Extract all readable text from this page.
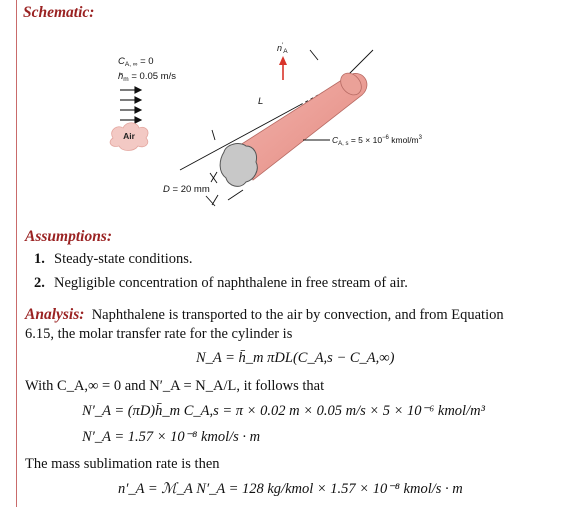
Schematic:
$C_{A, \infty} = 0$
$h̄_m = 0.05$ m/s
Air
L
$n'_A$
$C_{A, s} = 5 \times 10^{-6}$ kmol/$m^3$
D = 20 mm
Assumptions:
1. Steady-state conditions.
2. Negligible concentration of naphthalene in free stream of air.
Analysis: Naphthalene is transported to the air by convection, and from Equation
6.15, the molar transfer rate for the cylinder is
N_A = h̄_m πDL(C_A,s − C_A,∞)
With C_A,∞ = 0 and N′_A = N_A/L, it follows that
N′_A = (πD)h̄_m C_A,s = π × 0.02 m × 0.05 m/s × 5 × 10⁻⁶ kmol/m³
N′_A = 1.57 × 10⁻⁸ kmol/s · m
The mass sublimation rate is then
n′_A = ℳ_A N′_A = 128 kg/kmol × 1.57 × 10⁻⁸ kmol/s · m
